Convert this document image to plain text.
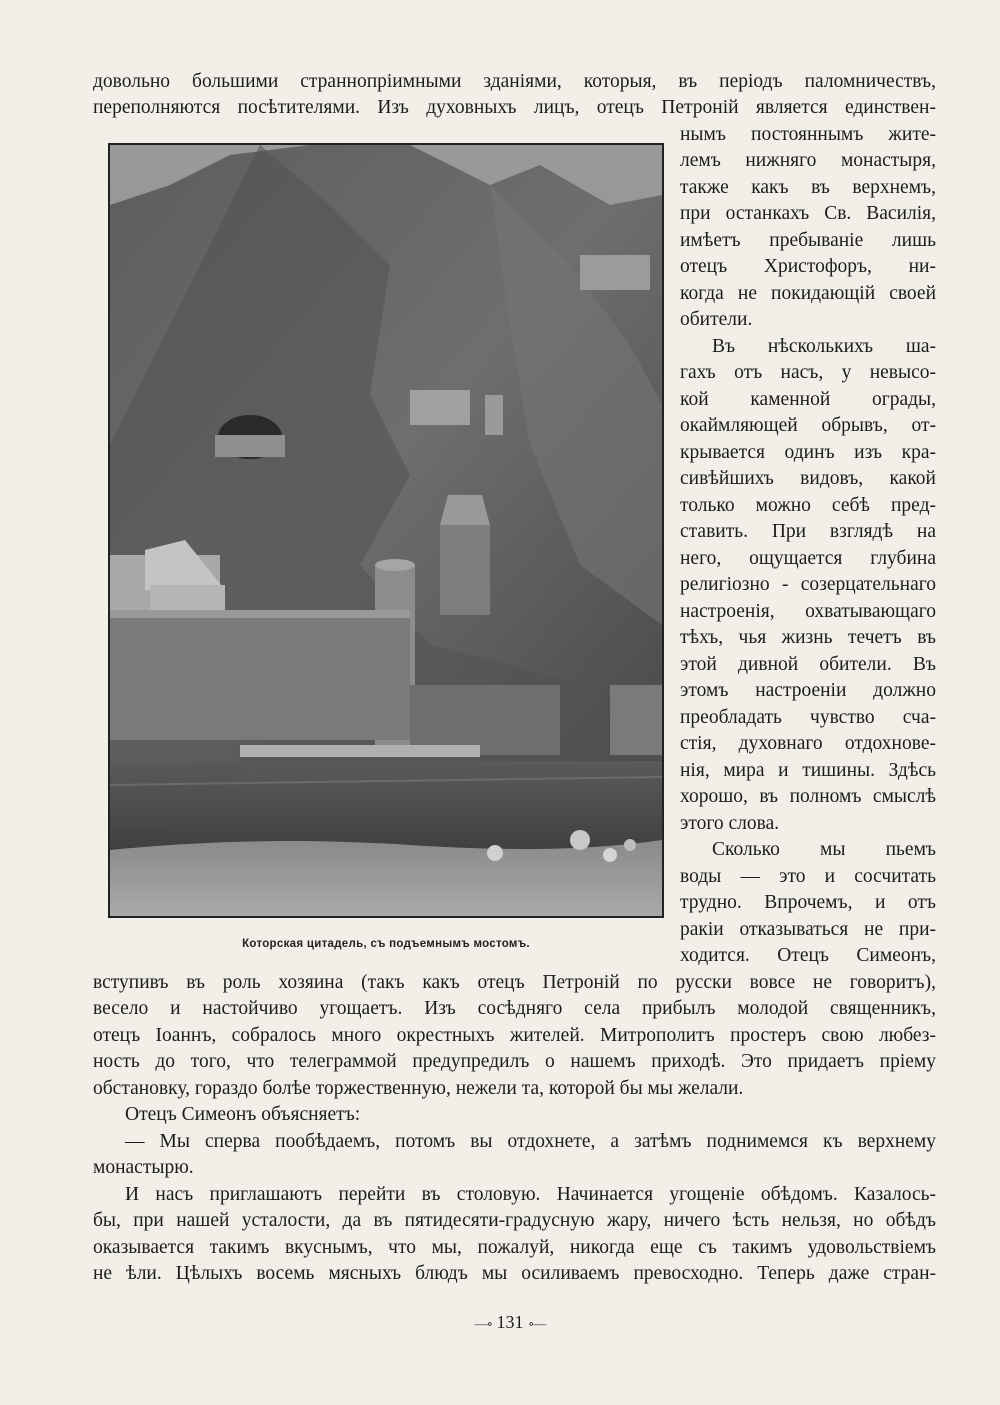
довольно большими страннопріимными зданіями, которыя, въ періодъ паломничествъ,
переполняются посѣтителями. Изъ духовныхъ лицъ, отецъ Петроній является единствен-
Которская цитадель, съ подъемнымъ мостомъ.
нымъ постояннымъ жите-
лемъ нижняго монастыря,
также какъ въ верхнемъ,
при останкахъ Св. Василія,
имѣетъ пребываніе лишь
отецъ Христофоръ, ни-
когда не покидающій своей
обители.
Въ нѣсколькихъ ша-
гахъ отъ насъ, у невысо-
кой каменной ограды,
окаймляющей обрывъ, от-
крывается одинъ изъ кра-
сивѣйшихъ видовъ, какой
только можно себѣ пред-
ставить. При взглядѣ на
него, ощущается глубина
религіозно - созерцательнаго
настроенія, охватывающаго
тѣхъ, чья жизнь течетъ въ
этой дивной обители. Въ
этомъ настроеніи должно
преобладать чувство сча-
стія, духовнаго отдохнове-
нія, мира и тишины. Здѣсь
хорошо, въ полномъ смыслѣ
этого слова.
Сколько мы пьемъ
воды — это и сосчитать
трудно. Впрочемъ, и отъ
ракіи отказываться не при-
ходится. Отецъ Симеонъ,
вступивъ въ роль хозяина (такъ какъ отецъ Петроній по русски вовсе не говоритъ),
весело и настойчиво угощаетъ. Изъ сосѣдняго села прибылъ молодой священникъ,
отецъ Іоаннъ, собралось много окрестныхъ жителей. Митрополитъ простеръ свою любез-
ность до того, что телеграммой предупредилъ о нашемъ приходѣ. Это придаетъ пріему
обстановку, гораздо болѣе торжественную, нежели та, которой бы мы желали.
Отецъ Симеонъ объясняетъ:
— Мы сперва пообѣдаемъ, потомъ вы отдохнете, а затѣмъ поднимемся къ верхнему
монастырю.
И насъ приглашаютъ перейти въ столовую. Начинается угощеніе обѣдомъ. Казалось-
бы, при нашей усталости, да въ пятидесяти-градусную жару, ничего ѣсть нельзя, но обѣдъ
оказывается такимъ вкуснымъ, что мы, пожалуй, никогда еще съ такимъ удовольствіемъ
не ѣли. Цѣлыхъ восемь мясныхъ блюдъ мы осиливаемъ превосходно. Теперь даже стран-
—∘ 131 ∘—
